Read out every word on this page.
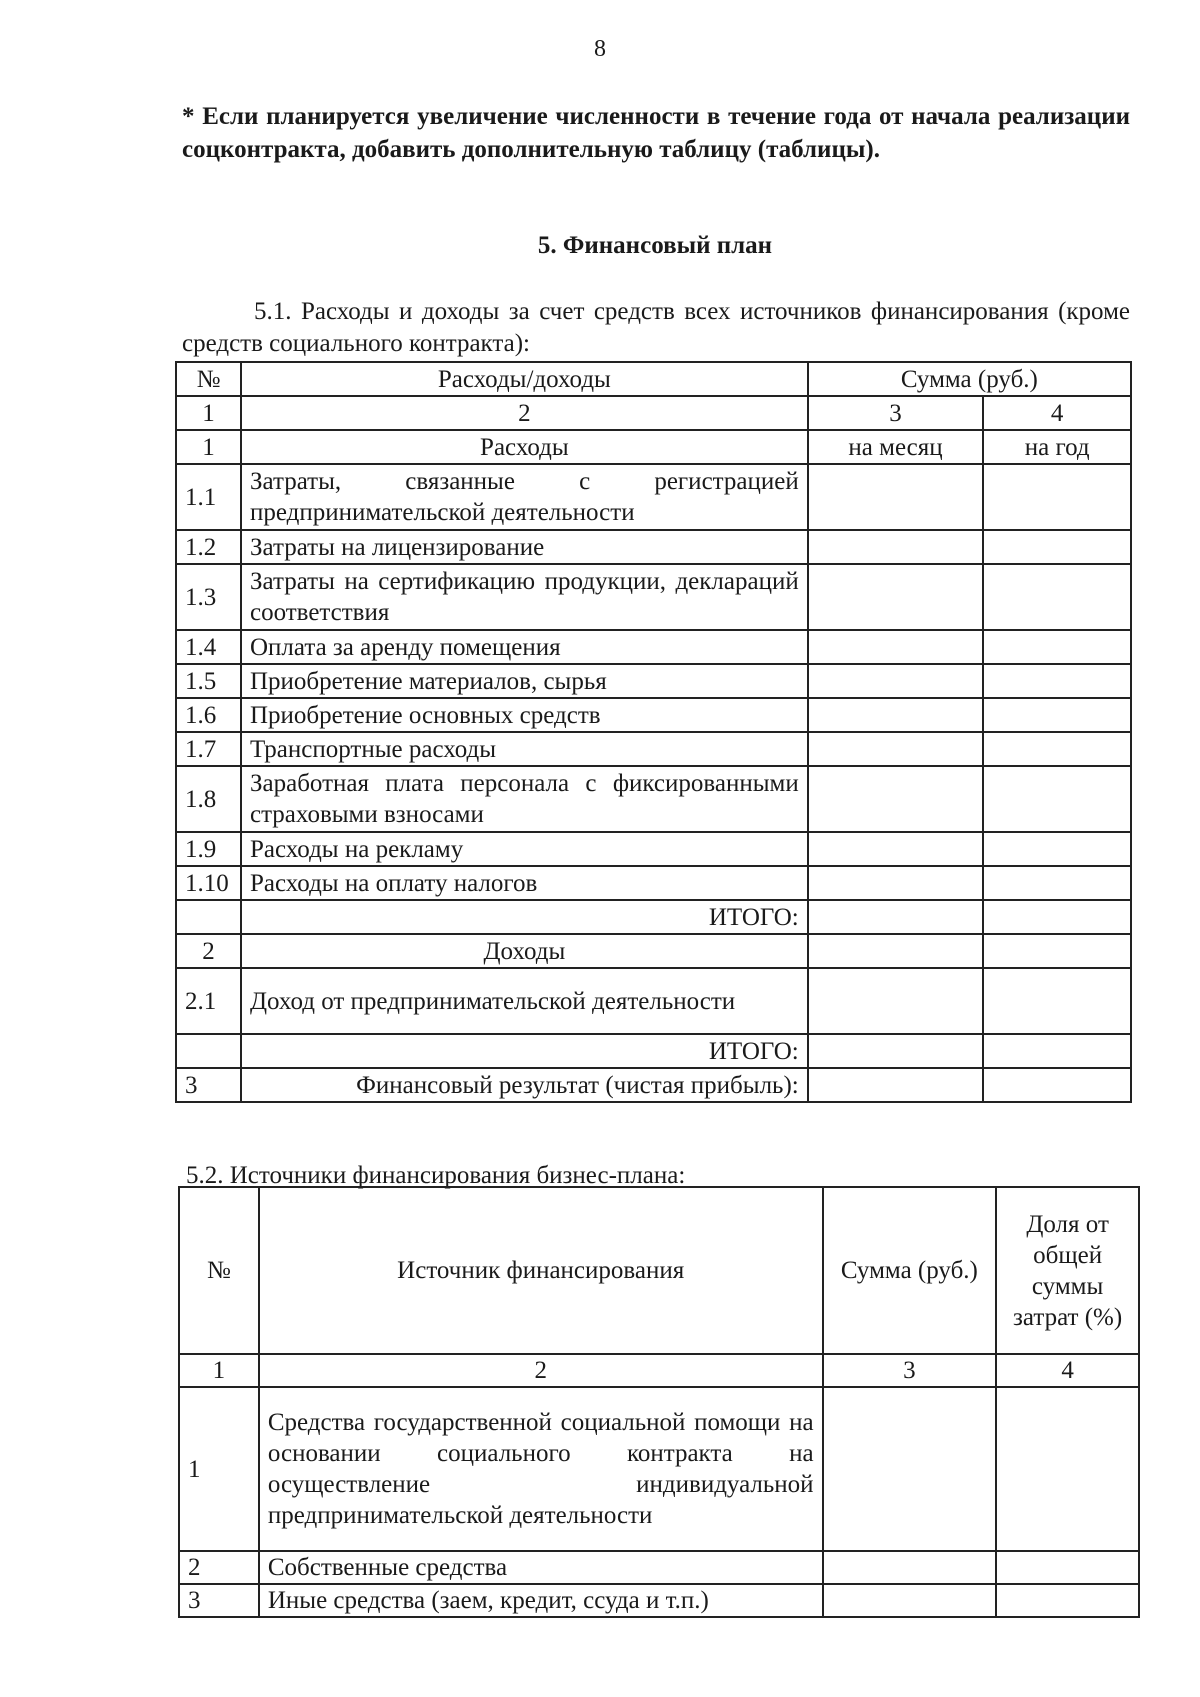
8
* Если планируется увеличение численности в течение года от начала реализации соцконтракта, добавить дополнительную таблицу (таблицы).
5. Финансовый план
5.1. Расходы и доходы за счет средств всех источников финансирования (кроме средств социального контракта):
№	Расходы/доходы	Сумма (руб.)	
1	2	3	4
1	Расходы	на месяц	на год
1.1	Затраты, связанные с регистрацией предпринимательской деятельности		
1.2	Затраты на лицензирование		
1.3	Затраты на сертификацию продукции, деклараций соответствия		
1.4	Оплата за аренду помещения		
1.5	Приобретение материалов, сырья		
1.6	Приобретение основных средств		
1.7	Транспортные расходы		
1.8	Заработная плата персонала с фиксированными страховыми взносами		
1.9	Расходы на рекламу		
1.10	Расходы на оплату налогов		
	ИТОГО:		
2	Доходы		
2.1	Доход от предпринимательской деятельности		
	ИТОГО:		
3	Финансовый результат (чистая прибыль):		
5.2. Источники финансирования бизнес-плана:
№	Источник финансирования	Сумма (руб.)	Доля от общей суммы затрат (%)
1	2	3	4
1	Средства государственной социальной помощи на основании социального контракта на осуществление индивидуальной предпринимательской деятельности		
2	Собственные средства		
3	Иные средства (заем, кредит, ссуда и т.п.)		
